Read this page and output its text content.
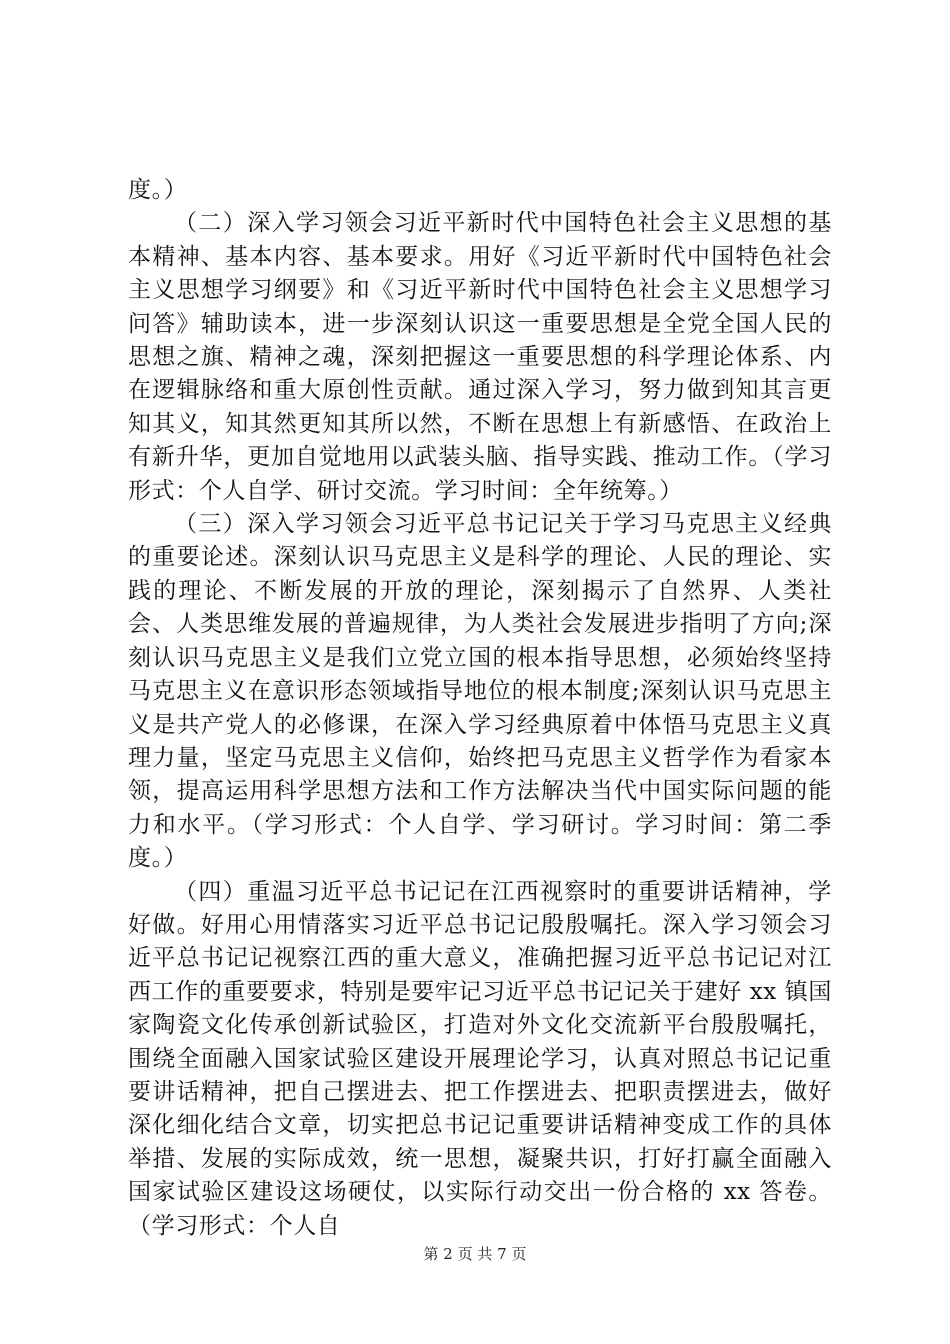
度。）

（二）深入学习领会习近平新时代中国特色社会主义思想的基本精神、基本内容、基本要求。用好《习近平新时代中国特色社会主义思想学习纲要》和《习近平新时代中国特色社会主义思想学习问答》辅助读本，进一步深刻认识这一重要思想是全党全国人民的思想之旗、精神之魂，深刻把握这一重要思想的科学理论体系、内在逻辑脉络和重大原创性贡献。通过深入学习，努力做到知其言更知其义，知其然更知其所以然，不断在思想上有新感悟、在政治上有新升华，更加自觉地用以武装头脑、指导实践、推动工作。（学习形式：个人自学、研讨交流。学习时间：全年统筹。）

（三）深入学习领会习近平总书记记关于学习马克思主义经典的重要论述。深刻认识马克思主义是科学的理论、人民的理论、实践的理论、不断发展的开放的理论，深刻揭示了自然界、人类社会、人类思维发展的普遍规律，为人类社会发展进步指明了方向;深刻认识马克思主义是我们立党立国的根本指导思想，必须始终坚持马克思主义在意识形态领域指导地位的根本制度;深刻认识马克思主义是共产党人的必修课，在深入学习经典原着中体悟马克思主义真理力量，坚定马克思主义信仰，始终把马克思主义哲学作为看家本领，提高运用科学思想方法和工作方法解决当代中国实际问题的能力和水平。（学习形式：个人自学、学习研讨。学习时间：第二季度。）

（四）重温习近平总书记记在江西视察时的重要讲话精神，学好做。好用心用情落实习近平总书记记殷殷嘱托。深入学习领会习近平总书记记视察江西的重大意义，准确把握习近平总书记记对江西工作的重要要求，特别是要牢记习近平总书记记关于建好 xx 镇国家陶瓷文化传承创新试验区，打造对外文化交流新平台殷殷嘱托，围绕全面融入国家试验区建设开展理论学习，认真对照总书记记重要讲话精神，把自己摆进去、把工作摆进去、把职责摆进去，做好深化细化结合文章，切实把总书记记重要讲话精神变成工作的具体举措、发展的实际成效，统一思想，凝聚共识，打好打赢全面融入国家试验区建设这场硬仗，以实际行动交出一份合格的 xx 答卷。（学习形式：个人自

第 2 页 共 7 页
